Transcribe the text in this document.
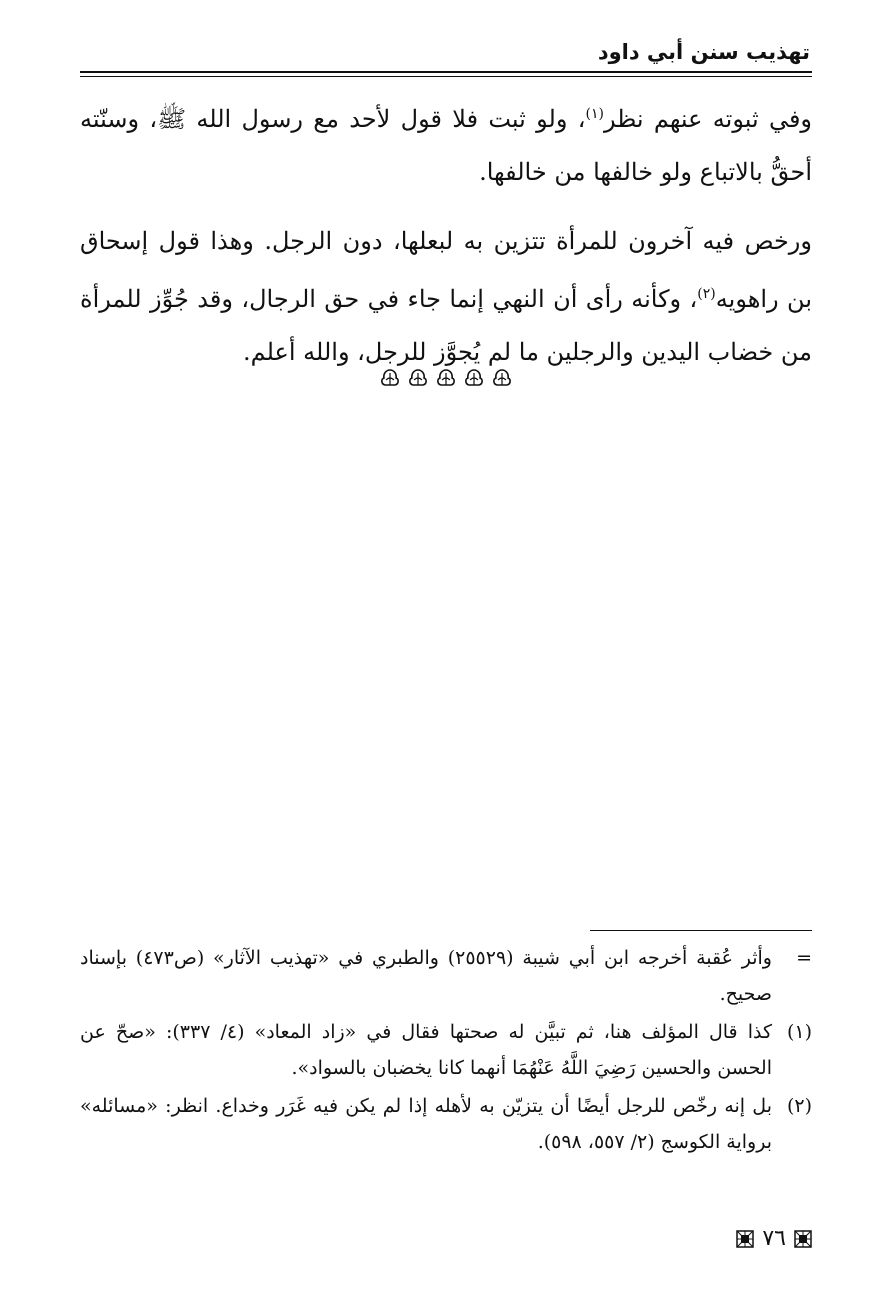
تهذيب سنن أبي داود

وفي ثبوته عنهم نظر$^{(١)}$، ولو ثبت فلا قول لأحد مع رسول الله ﷺ، وسنّته أحقُّ بالاتباع ولو خالفها من خالفها.

ورخص فيه آخرون للمرأة تتزين به لبعلها، دون الرجل. وهذا قول إسحاق بن راهويه$^{(٢)}$، وكأنه رأى أن النهي إنما جاء في حق الرجال، وقد جُوِّز للمرأة من خضاب اليدين والرجلين ما لم يُجوَّز للرجل، والله أعلم.

=
وأثر عُقبة أخرجه ابن أبي شيبة (٢٥٥٢٩) والطبري في «تهذيب الآثار» (ص٤٧٣) بإسناد صحيح.
(١)
كذا قال المؤلف هنا، ثم تبيَّن له صحتها فقال في «زاد المعاد» (٤/ ٣٣٧): «صحّ عن الحسن والحسين رَضِيَ اللَّهُ عَنْهُمَا أنهما كانا يخضبان بالسواد».
(٢)
بل إنه رخّص للرجل أيضًا أن يتزيّن به لأهله إذا لم يكن فيه غَرَر وخداع. انظر: «مسائله» برواية الكوسج (٢/ ٥٥٧، ٥٩٨).
٧٦
